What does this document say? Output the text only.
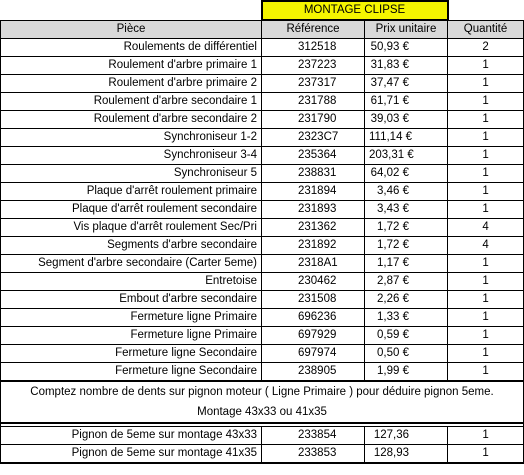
	MONTAGE CLIPSE		
Pièce	Référence	Prix unitaire	Quantité
Roulements de différentiel	312518	50,93 €	2
Roulement d'arbre primaire 1	237223	31,83 €	1
Roulement d'arbre primaire 2	237317	37,47 €	1
Roulement d'arbre secondaire 1	231788	61,71 €	1
Roulement d'arbre secondaire 2	231790	39,03 €	1
Synchroniseur 1-2	2323C7	111,14 €	1
Synchroniseur 3-4	235364	203,31 €	1
Synchroniseur 5	238831	64,02 €	1
Plaque d'arrêt roulement primaire	231894	3,46 €	1
Plaque d'arrêt roulement secondaire	231893	3,43 €	1
Vis plaque d'arrêt roulement Sec/Pri	231362	1,72 €	4
Segments d'arbre secondaire	231892	1,72 €	4
Segment d'arbre secondaire (Carter 5eme)	2318A1	1,17 €	1
Entretoise	230462	2,87 €	1
Embout d'arbre secondaire	231508	2,26 €	1
Fermeture ligne Primaire	696236	1,33 €	1
Fermeture ligne Primaire	697929	0,59 €	1
Fermeture ligne Secondaire	697974	0,50 €	1
Fermeture ligne Secondaire	238905	1,99 €	1
Comptez nombre de dents sur pignon moteur ( Ligne Primaire ) pour déduire pignon 5eme.			
Montage 43x33 ou 41x35			

Pignon de 5eme sur montage 43x33	233854	127,36	1
Pignon de 5eme sur montage 41x35	233853	128,93	1
